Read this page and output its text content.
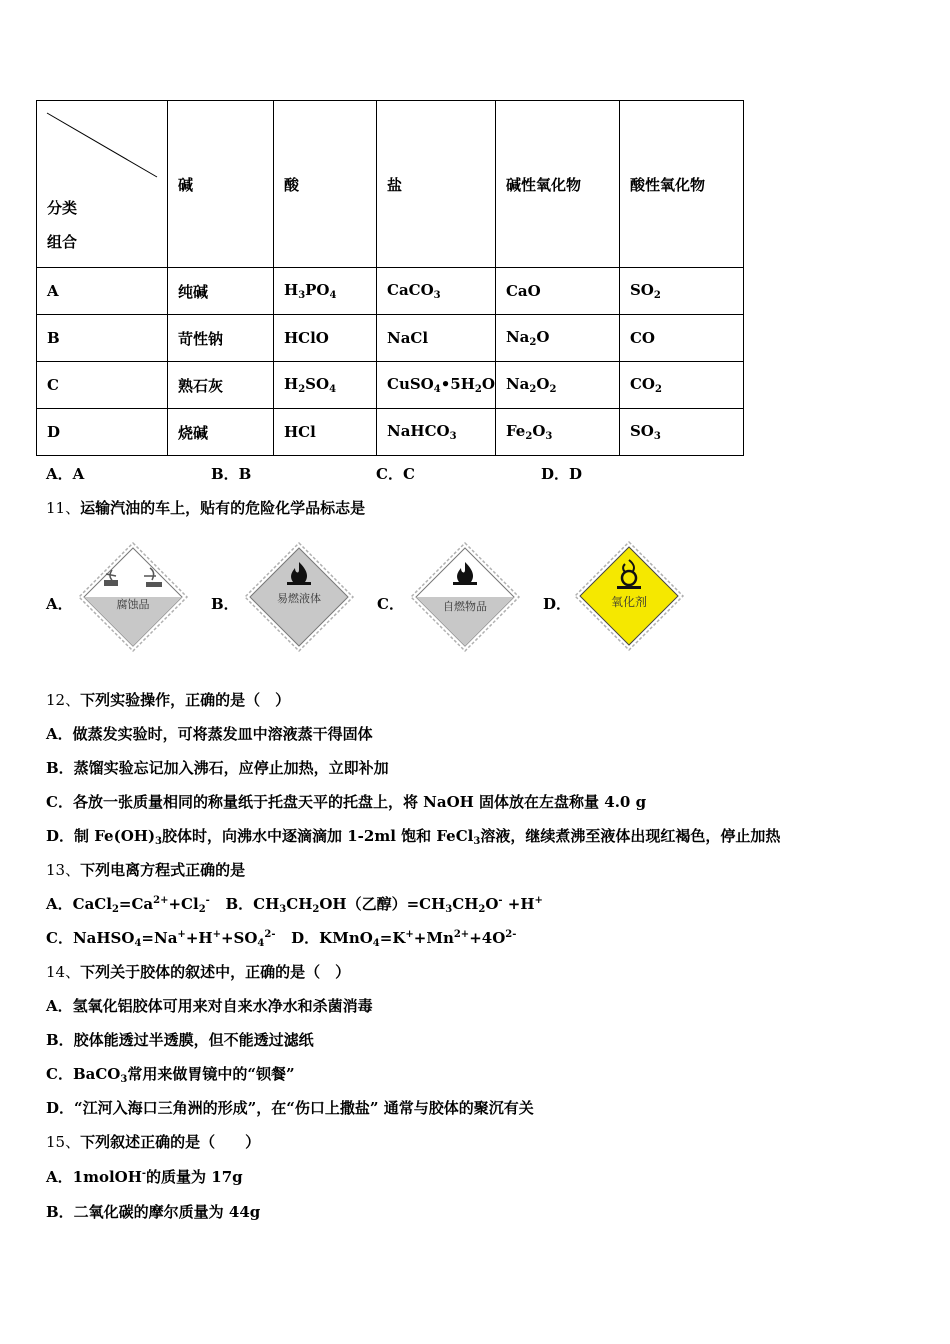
分类
组合	碱	酸	盐	碱性氧化物	酸性氧化物
A	纯碱	$H_3PO_4$	CaCO$_3$	CaO	$SO_2$
B	苛性钠	HClO	NaCl	$Na_2O$	CO
C	熟石灰	$H_2SO_4$	$CuSO_4•5H_2O$	$Na_2O_2$	$CO_2$
D	烧碱	HCl	NaHCO$_3$	$Fe_2O_3$	$SO_3$
A．A	B．B	C．C	D．D
11、运输汽油的车上，贴有的危险化学品标志是
A．	腐蚀品	B．	易燃液体	C．	自燃物品	D．	氧化剂
12、下列实验操作，正确的是（　）
A．做蒸发实验时，可将蒸发皿中溶液蒸干得固体
B．蒸馏实验忘记加入沸石，应停止加热，立即补加
C．各放一张质量相同的称量纸于托盘天平的托盘上，将 NaOH 固体放在左盘称量 4.0 g
D．制 $Fe(OH)_3$胶体时，向沸水中逐滴滴加 1-2ml 饱和 FeCl$_3$溶液，继续煮沸至液体出现红褐色，停止加热
13、下列电离方程式正确的是
A．$CaCl_2=Ca^{2+}+Cl_2^-$ B．$CH_3CH_2OH$（乙醇）$=CH_3CH_2O^- +H^+$
C．$NaHSO_4=Na^++H^++SO_4^{2-}$ D．$KMnO_4=K^++Mn^{2+}+4O^{2-}$
14、下列关于胶体的叙述中，正确的是（　）
A．氢氧化铝胶体可用来对自来水净水和杀菌消毒
B．胶体能透过半透膜，但不能透过滤纸
C．BaCO$_3$常用来做胃镜中的“钡餐”
D．“江河入海口三角洲的形成”，在“伤口上撒盐” 通常与胶体的聚沉有关
15、下列叙述正确的是（　　）
A．1molOH-的质量为 17g
B．二氧化碳的摩尔质量为 44g
